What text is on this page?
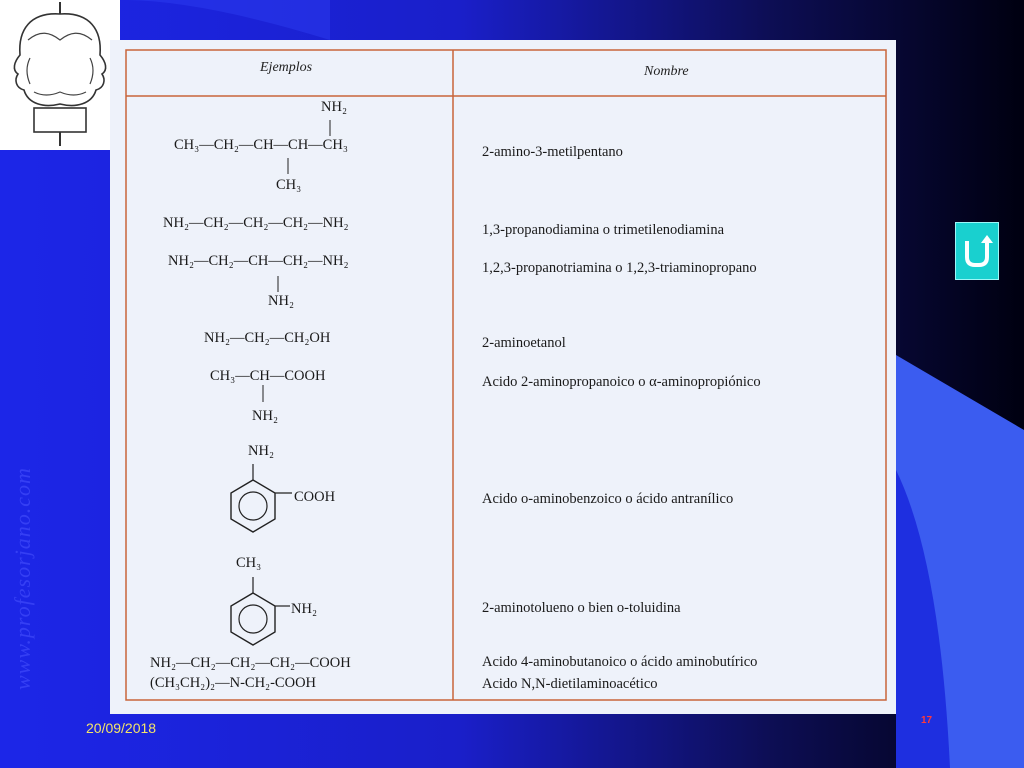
www.profesorjano.com
Ejemplos	Nombre
NH₂
CH₃—CH₂—CH—CH—CH₃
CH₃
NH₂—CH₂—CH₂—CH₂—NH₂
NH₂—CH₂—CH—CH₂—NH₂
NH₂
NH₂—CH₂—CH₂OH
CH₃—CH—COOH
NH₂
NH₂
COOH
CH₃
NH₂
NH₂—CH₂—CH₂—CH₂—COOH
(CH₃CH₂)₂—N-CH₂-COOH
2-amino-3-metilpentano
1,3-propanodiamina o trimetilenodiamina
1,2,3-propanotriamina o 1,2,3-triaminopropano
2-aminoetanol
Acido 2-aminopropanoico o α-aminopropiónico
Acido o-aminobenzoico o ácido antranílico
2-aminotolueno o bien o-toluidina
Acido 4-aminobutanoico o ácido aminobutírico
Acido N,N-dietilaminoacético
20/09/2018	17
